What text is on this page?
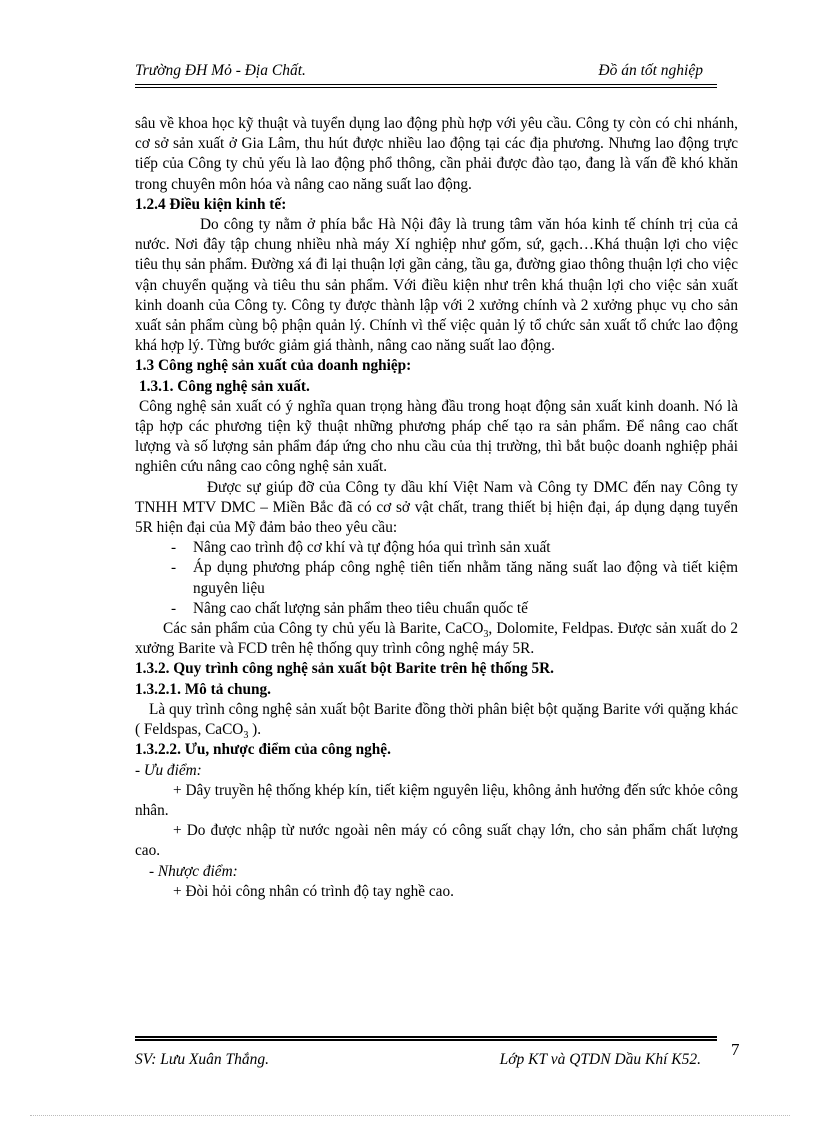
Trường ĐH Mỏ - Địa Chất.	Đồ án tốt nghiệp

sâu về khoa học kỹ thuật và tuyển dụng lao động phù hợp với yêu cầu. Công ty còn có chi nhánh, cơ sở sản xuất ở Gia Lâm, thu hút được nhiều lao động tại các địa phương. Nhưng lao động trực tiếp của Công ty chủ yếu là lao động phổ thông, cần phải được đào tạo, đang là vấn đề khó khăn trong chuyên môn hóa và nâng cao năng suất lao động.

1.2.4 Điều kiện kinh tế:

Do công ty nằm ở phía bắc Hà Nội đây là trung tâm văn hóa kinh tế chính trị của cả nước. Nơi đây tập chung nhiều nhà máy Xí nghiệp như gốm, sứ, gạch…Khá thuận lợi cho việc tiêu thụ sản phẩm. Đường xá đi lại thuận lợi gần cảng, tầu ga, đường giao thông thuận lợi cho việc vận chuyển quặng và tiêu thu sản phẩm. Với điều kiện như trên khá thuận lợi cho việc sản xuất kinh doanh của Công ty. Công ty được thành lập với 2 xưởng chính và 2 xưởng phục vụ cho sản xuất sản phẩm cùng bộ phận quản lý. Chính vì thế việc quản lý tổ chức sản xuất tổ chức lao động khá hợp lý. Từng bước giảm giá thành, nâng cao năng suất lao động.

1.3 Công nghệ sản xuất của doanh nghiệp:

1.3.1. Công nghệ sản xuất.

Công nghệ sản xuất có ý nghĩa quan trọng hàng đầu trong hoạt động sản xuất kinh doanh. Nó là tập hợp các phương tiện kỹ thuật những phương pháp chế tạo ra sản phẩm. Để nâng cao chất lượng và số lượng sản phẩm đáp ứng cho nhu cầu của thị trường, thì bắt buộc doanh nghiệp phải nghiên cứu nâng cao công nghệ sản xuất.

Được sự giúp đỡ của Công ty dầu khí Việt Nam và Công ty DMC đến nay Công ty TNHH MTV DMC – Miền Bắc đã có cơ sở vật chất, trang thiết bị hiện đại, áp dụng dạng tuyển 5R hiện đại của Mỹ đảm bảo theo yêu cầu:

- Nâng cao trình độ cơ khí và tự động hóa qui trình sản xuất
- Áp dụng phương pháp công nghệ tiên tiến nhằm tăng năng suất lao động và tiết kiệm nguyên liệu
- Nâng cao chất lượng sản phẩm theo tiêu chuẩn quốc tế

Các sản phẩm của Công ty chủ yếu là Barite, CaCO$_3$, Dolomite, Feldpas. Được sản xuất do 2 xưởng Barite và FCD trên hệ thống quy trình công nghệ máy 5R.

1.3.2. Quy trình công nghệ sản xuất bột Barite trên hệ thống 5R.

1.3.2.1. Mô tả chung.

Là quy trình công nghệ sản xuất bột Barite đồng thời phân biệt bột quặng Barite với quặng khác ( Feldspas, CaCO$_3$ ).

1.3.2.2. Ưu, nhược điểm của công nghệ.

- Ưu điểm:

+ Dây truyền hệ thống khép kín, tiết kiệm nguyên liệu, không ảnh hưởng đến sức khỏe công nhân.

+ Do được nhập từ nước ngoài nên máy có công suất chạy lớn, cho sản phẩm chất lượng cao.

- Nhược điểm:

+ Đòi hỏi công nhân có trình độ tay nghề cao.

SV: Lưu Xuân Thắng.	Lớp KT và QTDN Dầu Khí K52.
7
